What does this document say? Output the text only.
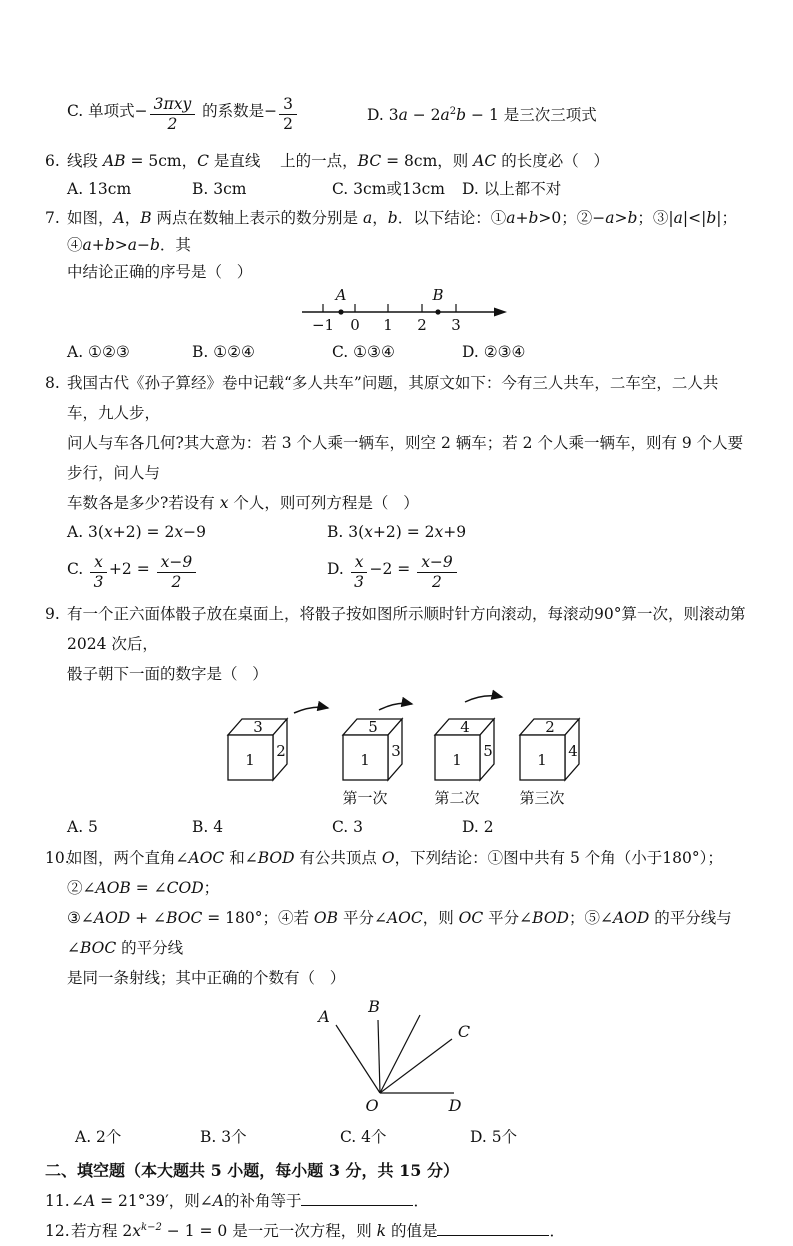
C. 单项式− $\frac{\text{3πxy}}{2}$ 的系数是− $\frac{3}{2}$	D. $3a - 2a^2b - 1$ 是三次三项式
6.线段 AB = 5cm，C 是直线    上的一点，BC = 8cm，则 AC 的长度必（   ）
A. 13cm	B. 3cm	C. 3cm或13cm	D. 以上都不对
7.如图，A，B 两点在数轴上表示的数分别是 a，b．以下结论：①a+b>0；②−a>b；③|a|<|b|；④a+b>a−b．其
中结论正确的序号是（   ）
A	B
−1 0 1 2 3
A. ①②③	B. ①②④	C. ①③④	D. ②③④
8.我国古代《孙子算经》卷中记载“多人共车”问题，其原文如下：今有三人共车，二车空，二人共车，九人步，
问人与车各几何?其大意为：若 3 个人乘一辆车，则空 2 辆车；若 2 个人乘一辆车，则有 9 个人要步行，问人与
车数各是多少?若设有 x 个人，则可列方程是（   ）
A. 3(x+2) = 2x−9	B. 3(x+2) = 2x+9
C. $\frac{x}{3} +2 = \frac{x-9}{2}$	D. $\frac{x}{3} -2 = \frac{x-9}{2}$
9.有一个正六面体骰子放在桌面上，将骰子按如图所示顺时针方向滚动，每滚动90°算一次，则滚动第 2024 次后，
骰子朝下一面的数字是（   ）
3
1 2
5
1 3
第一次
4
1 5
第二次
2
1 4
第三次
A. 5	B. 4	C. 3	D. 2
10.如图，两个直角∠AOC 和∠BOD 有公共顶点 O，下列结论：①图中共有 5 个角（小于180°）；②∠AOB = ∠COD；
③∠AOD + ∠BOC = 180°；④若 OB 平分∠AOC，则 OC 平分∠BOD；⑤∠AOD 的平分线与∠BOC 的平分线
是同一条射线；其中正确的个数有（   ）
A
B
C
O	D
A. 2个	B. 3个	C. 4个	D. 5个
二、填空题（本大题共 5 小题，每小题 3 分，共 15 分）
11.∠A = 21°39′，则∠A的补角等于	．
12.若方程 $2x^{k-2} - 1 = 0$ 是一元一次方程，则 k 的值是	．
